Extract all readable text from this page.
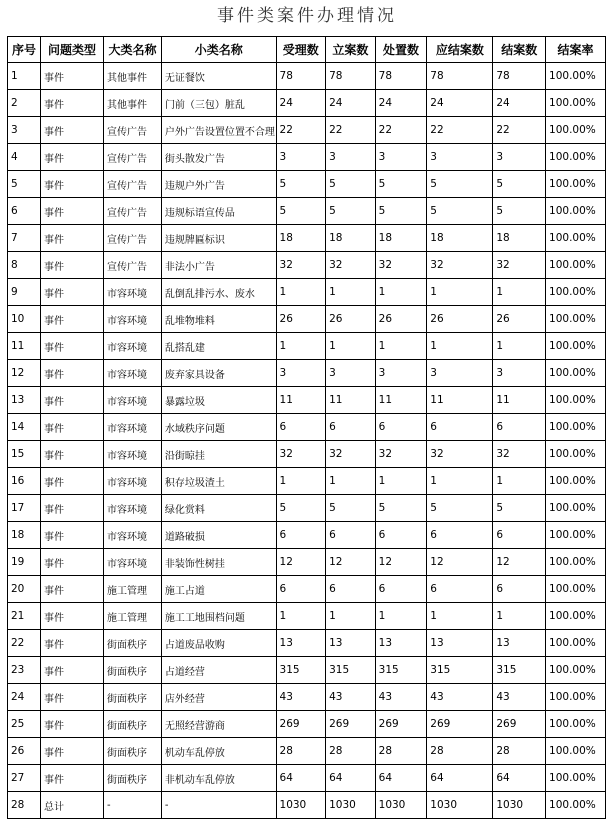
事件类案件办理情况
序号	问题类型	大类名称	小类名称	受理数	立案数	处置数	应结案数	结案数	结案率
1	事件	其他事件	无证餐饮	78	78	78	78	78	100.00%
2	事件	其他事件	门前（三包）脏乱	24	24	24	24	24	100.00%
3	事件	宣传广告	户外广告设置位置不合理	22	22	22	22	22	100.00%
4	事件	宣传广告	街头散发广告	3	3	3	3	3	100.00%
5	事件	宣传广告	违规户外广告	5	5	5	5	5	100.00%
6	事件	宣传广告	违规标语宣传品	5	5	5	5	5	100.00%
7	事件	宣传广告	违规牌匾标识	18	18	18	18	18	100.00%
8	事件	宣传广告	非法小广告	32	32	32	32	32	100.00%
9	事件	市容环境	乱倒乱排污水、废水	1	1	1	1	1	100.00%
10	事件	市容环境	乱堆物堆料	26	26	26	26	26	100.00%
11	事件	市容环境	乱搭乱建	1	1	1	1	1	100.00%
12	事件	市容环境	废弃家具设备	3	3	3	3	3	100.00%
13	事件	市容环境	暴露垃圾	11	11	11	11	11	100.00%
14	事件	市容环境	水域秩序问题	6	6	6	6	6	100.00%
15	事件	市容环境	沿街晾挂	32	32	32	32	32	100.00%
16	事件	市容环境	积存垃圾渣土	1	1	1	1	1	100.00%
17	事件	市容环境	绿化赏料	5	5	5	5	5	100.00%
18	事件	市容环境	道路破损	6	6	6	6	6	100.00%
19	事件	市容环境	非装饰性树挂	12	12	12	12	12	100.00%
20	事件	施工管理	施工占道	6	6	6	6	6	100.00%
21	事件	施工管理	施工工地围档问题	1	1	1	1	1	100.00%
22	事件	街面秩序	占道废品收购	13	13	13	13	13	100.00%
23	事件	街面秩序	占道经营	315	315	315	315	315	100.00%
24	事件	街面秩序	店外经营	43	43	43	43	43	100.00%
25	事件	街面秩序	无照经营游商	269	269	269	269	269	100.00%
26	事件	街面秩序	机动车乱停放	28	28	28	28	28	100.00%
27	事件	街面秩序	非机动车乱停放	64	64	64	64	64	100.00%
28	总计	-	-	1030	1030	1030	1030	1030	100.00%
